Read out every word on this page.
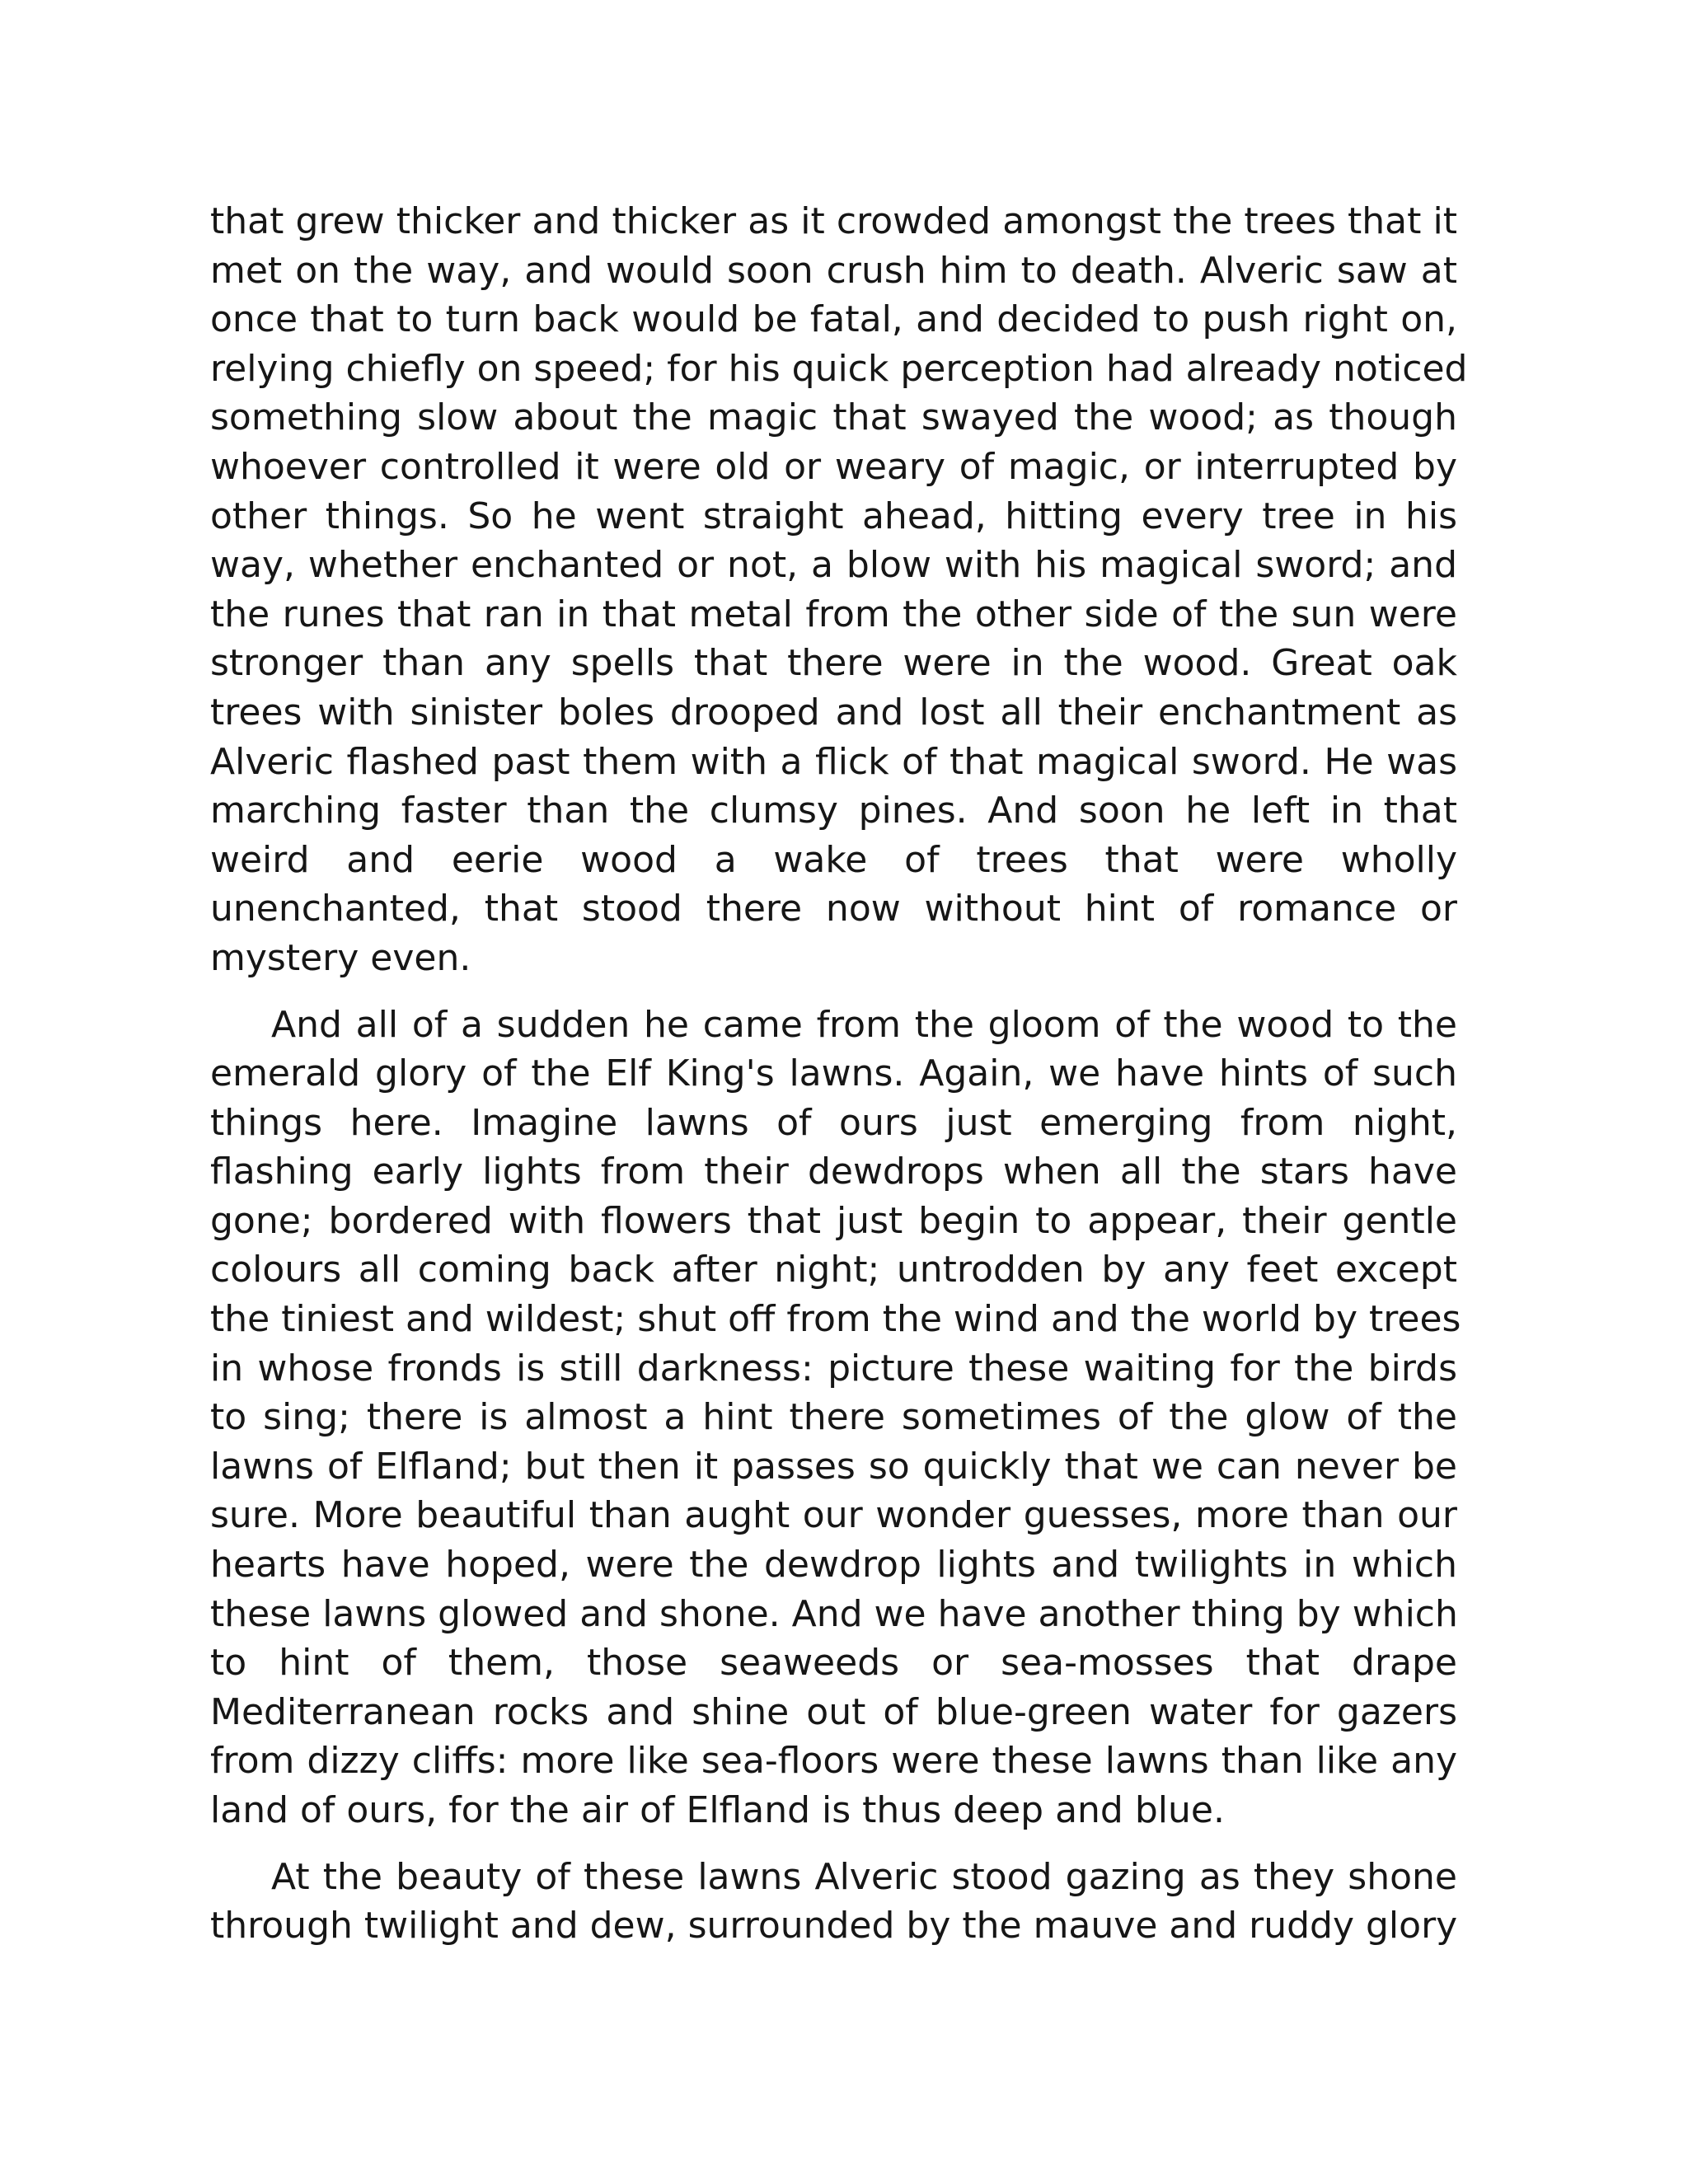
that grew thicker and thicker as it crowded amongst the trees that it
met on the way, and would soon crush him to death. Alveric saw at
once that to turn back would be fatal, and decided to push right on,
relying chiefly on speed; for his quick perception had already noticed
something slow about the magic that swayed the wood; as though
whoever controlled it were old or weary of magic, or interrupted by
other things. So he went straight ahead, hitting every tree in his
way, whether enchanted or not, a blow with his magical sword; and
the runes that ran in that metal from the other side of the sun were
stronger than any spells that there were in the wood. Great oak
trees with sinister boles drooped and lost all their enchantment as
Alveric flashed past them with a flick of that magical sword. He was
marching faster than the clumsy pines. And soon he left in that
weird and eerie wood a wake of trees that were wholly
unenchanted, that stood there now without hint of romance or
mystery even.
And all of a sudden he came from the gloom of the wood to the
emerald glory of the Elf King's lawns. Again, we have hints of such
things here. Imagine lawns of ours just emerging from night,
flashing early lights from their dewdrops when all the stars have
gone; bordered with flowers that just begin to appear, their gentle
colours all coming back after night; untrodden by any feet except
the tiniest and wildest; shut off from the wind and the world by trees
in whose fronds is still darkness: picture these waiting for the birds
to sing; there is almost a hint there sometimes of the glow of the
lawns of Elfland; but then it passes so quickly that we can never be
sure. More beautiful than aught our wonder guesses, more than our
hearts have hoped, were the dewdrop lights and twilights in which
these lawns glowed and shone. And we have another thing by which
to hint of them, those seaweeds or sea-mosses that drape
Mediterranean rocks and shine out of blue-green water for gazers
from dizzy cliffs: more like sea-floors were these lawns than like any
land of ours, for the air of Elfland is thus deep and blue.
At the beauty of these lawns Alveric stood gazing as they shone
through twilight and dew, surrounded by the mauve and ruddy glory
